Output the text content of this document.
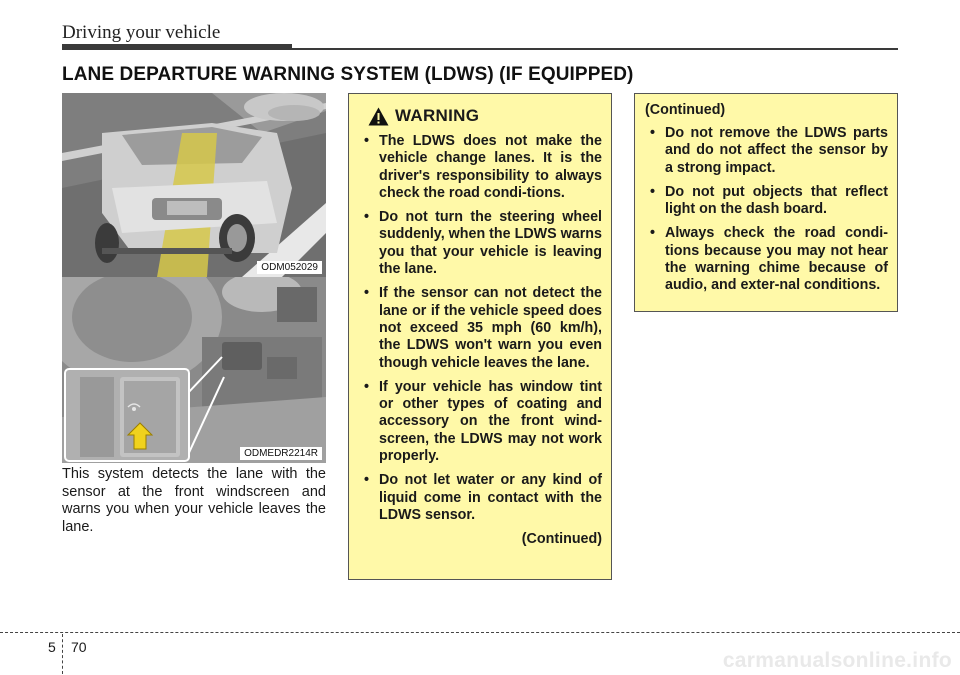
Driving your vehicle
LANE DEPARTURE WARNING SYSTEM (LDWS) (IF EQUIPPED)
ODM052029
ODMEDR2214R

This system detects the lane with the sensor at the front windscreen and warns you when your vehicle leaves the lane.

WARNING
• The LDWS does not make the vehicle change lanes. It is the driver's responsibility to always check the road condi-tions.
• Do not turn the steering wheel suddenly, when the LDWS warns you that your vehicle is leaving the lane.
• If the sensor can not detect the lane or if the vehicle speed does not exceed 35 mph (60 km/h), the LDWS won't warn you even though vehicle leaves the lane.
• If your vehicle has window tint or other types of coating and accessory on the front wind-screen, the LDWS may not work properly.
• Do not let water or any kind of liquid come in contact with the LDWS sensor.
(Continued)
(Continued)
• Do not remove the LDWS parts and do not affect the sensor by a strong impact.
• Do not put objects that reflect light on the dash board.
• Always check the road condi-tions because you may not hear the warning chime because of audio, and exter-nal conditions.
5 70
carmanualsonline.info
